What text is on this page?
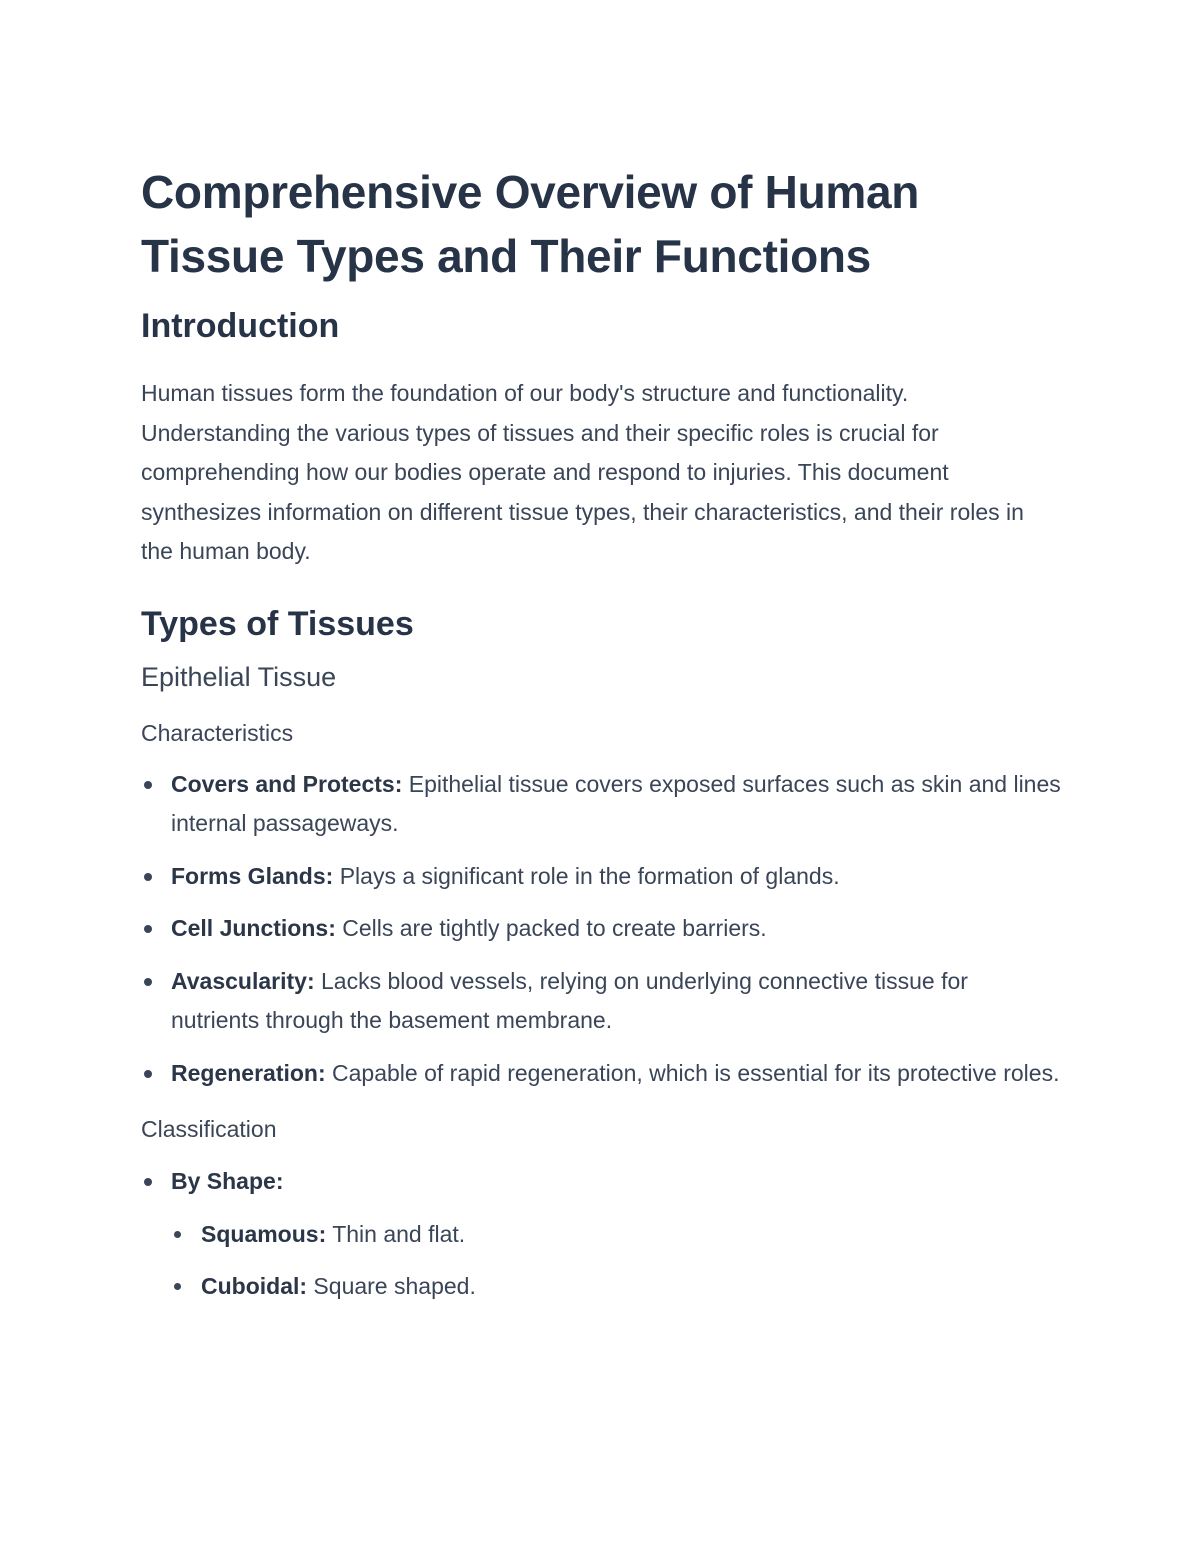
Comprehensive Overview of Human Tissue Types and Their Functions
Introduction

Human tissues form the foundation of our body's structure and functionality. Understanding the various types of tissues and their specific roles is crucial for comprehending how our bodies operate and respond to injuries. This document synthesizes information on different tissue types, their characteristics, and their roles in the human body.

Types of Tissues
Epithelial Tissue
Characteristics
Covers and Protects: Epithelial tissue covers exposed surfaces such as skin and lines internal passageways.
Forms Glands: Plays a significant role in the formation of glands.
Cell Junctions: Cells are tightly packed to create barriers.
Avascularity: Lacks blood vessels, relying on underlying connective tissue for nutrients through the basement membrane.
Regeneration: Capable of rapid regeneration, which is essential for its protective roles.
Classification
By Shape:
Squamous: Thin and flat.
Cuboidal: Square shaped.
